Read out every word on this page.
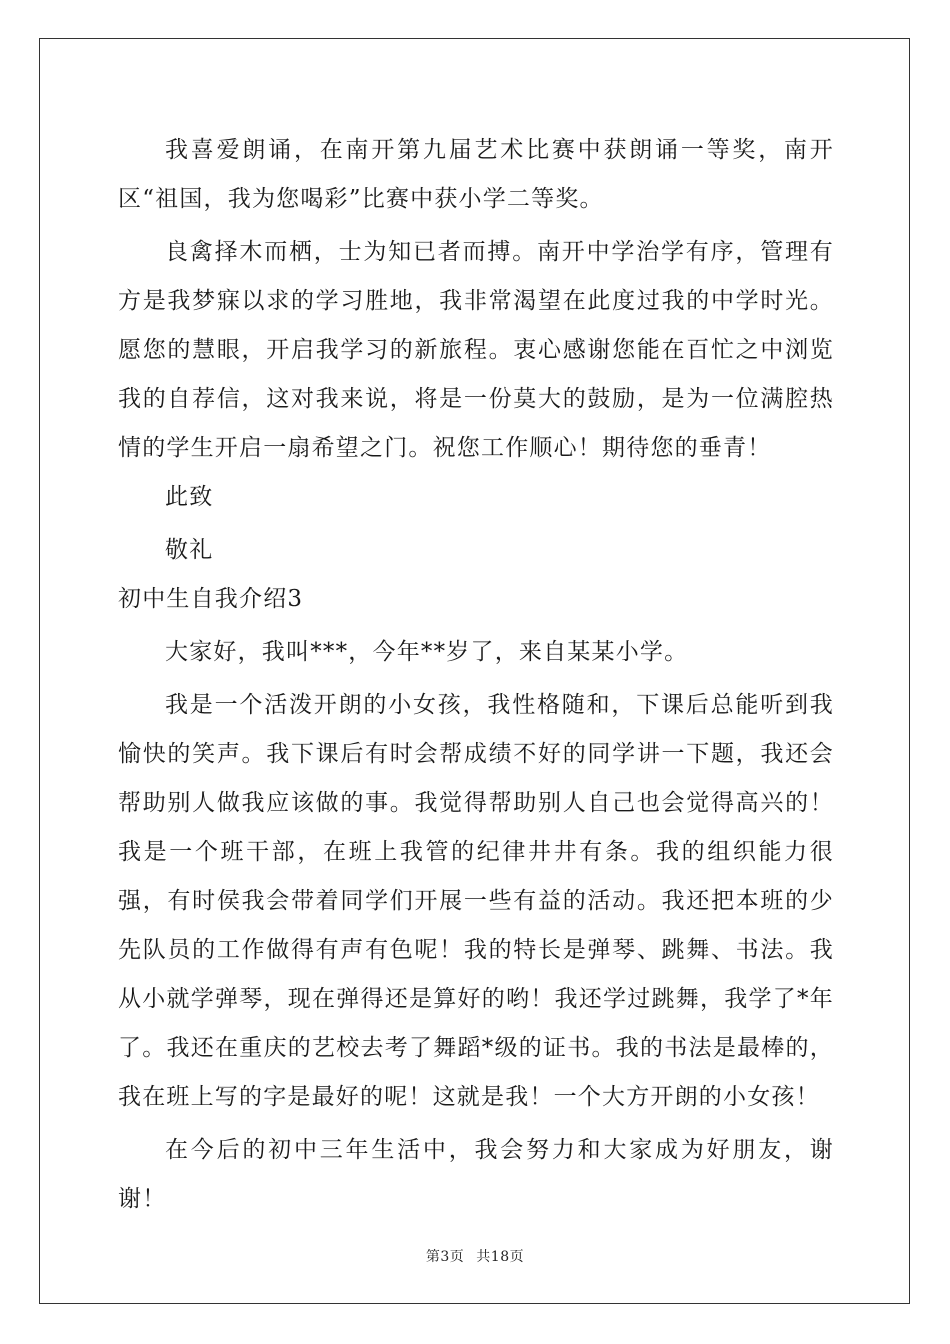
我喜爱朗诵，在南开第九届艺术比赛中获朗诵一等奖，南开区“祖国，我为您喝彩”比赛中获小学二等奖。

良禽择木而栖，士为知已者而搏。南开中学治学有序，管理有方是我梦寐以求的学习胜地，我非常渴望在此度过我的中学时光。愿您的慧眼，开启我学习的新旅程。衷心感谢您能在百忙之中浏览我的自荐信，这对我来说，将是一份莫大的鼓励，是为一位满腔热情的学生开启一扇希望之门。祝您工作顺心！期待您的垂青！

此致

敬礼

初中生自我介绍3

大家好，我叫***，今年**岁了，来自某某小学。

我是一个活泼开朗的小女孩，我性格随和，下课后总能听到我愉快的笑声。我下课后有时会帮成绩不好的同学讲一下题，我还会帮助别人做我应该做的事。我觉得帮助别人自己也会觉得高兴的！我是一个班干部，在班上我管的纪律井井有条。我的组织能力很强，有时侯我会带着同学们开展一些有益的活动。我还把本班的少先队员的工作做得有声有色呢！我的特长是弹琴、跳舞、书法。我从小就学弹琴，现在弹得还是算好的哟！我还学过跳舞，我学了*年了。我还在重庆的艺校去考了舞蹈*级的证书。我的书法是最棒的，我在班上写的字是最好的呢！这就是我！一个大方开朗的小女孩！

在今后的初中三年生活中，我会努力和大家成为好朋友，谢谢！

第3页 共18页
